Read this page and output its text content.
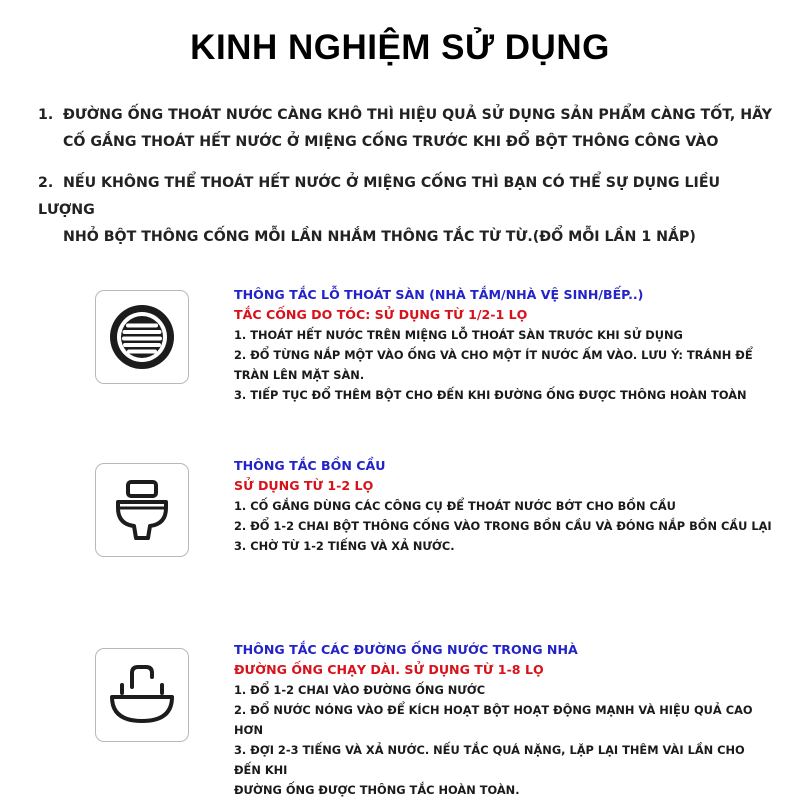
KINH NGHIỆM SỬ DỤNG
1. ĐƯỜNG ỐNG THOÁT NƯỚC CÀNG KHÔ THÌ HIỆU QUẢ SỬ DỤNG SẢN PHẨM CÀNG TỐT, HÃY
CỐ GẮNG THOÁT HẾT NƯỚC Ở MIỆNG CỐNG TRƯỚC KHI ĐỔ BỘT THÔNG CÔNG VÀO
2. NẾU KHÔNG THỂ THOÁT HẾT NƯỚC Ở MIỆNG CỐNG THÌ BẠN CÓ THỂ SỰ DỤNG LIỀU LƯỢNG
NHỎ BỘT THÔNG CỐNG MỖI LẦN NHẮM THÔNG TẮC TỪ TỪ.(ĐỔ MỖI LẦN 1 NẮP)
THÔNG TẮC LỖ THOÁT SÀN (NHÀ TẮM/NHÀ VỆ SINH/BẾP..)
TẮC CỐNG DO TÓC: SỬ DỤNG TỪ 1/2-1 LỌ
1. THOÁT HẾT NƯỚC TRÊN MIỆNG LỖ THOÁT SÀN TRƯỚC KHI SỬ DỤNG
2. ĐỔ TỪNG NẮP MỘT VÀO ỐNG VÀ CHO MỘT ÍT NƯỚC ẤM VÀO. LƯU Ý: TRÁNH ĐỂ
TRÀN LÊN MẶT SÀN.
3. TIẾP TỤC ĐỔ THÊM BỘT CHO ĐẾN KHI ĐƯỜNG ỐNG ĐƯỢC THÔNG HOÀN TOÀN
THÔNG TẮC BỒN CẦU
SỬ DỤNG TỪ 1-2 LỌ
1. CỐ GẮNG DÙNG CÁC CÔNG CỤ ĐỂ THOÁT NƯỚC BỚT CHO BỒN CẦU
2. ĐỔ 1-2 CHAI BỘT THÔNG CỐNG VÀO TRONG BỒN CẦU VÀ ĐÓNG NẮP BỒN CẦU LẠI
3. CHỜ TỪ 1-2 TIẾNG VÀ XẢ NƯỚC.
THÔNG TẮC CÁC ĐƯỜNG ỐNG NƯỚC TRONG NHÀ
ĐƯỜNG ỐNG CHẠY DÀI. SỬ DỤNG TỪ 1-8 LỌ
1. ĐỔ 1-2 CHAI VÀO ĐƯỜNG ỐNG NƯỚC
2. ĐỔ NƯỚC NÓNG VÀO ĐỂ KÍCH HOẠT BỘT HOẠT ĐỘNG MẠNH VÀ HIỆU QUẢ CAO HƠN
3. ĐỢI 2-3 TIẾNG VÀ XẢ NƯỚC. NẾU TẮC QUÁ NẶNG, LẶP LẠI THÊM VÀI LẦN CHO ĐẾN KHI
ĐƯỜNG ỐNG ĐƯỢC THÔNG TẮC HOÀN TOÀN.
